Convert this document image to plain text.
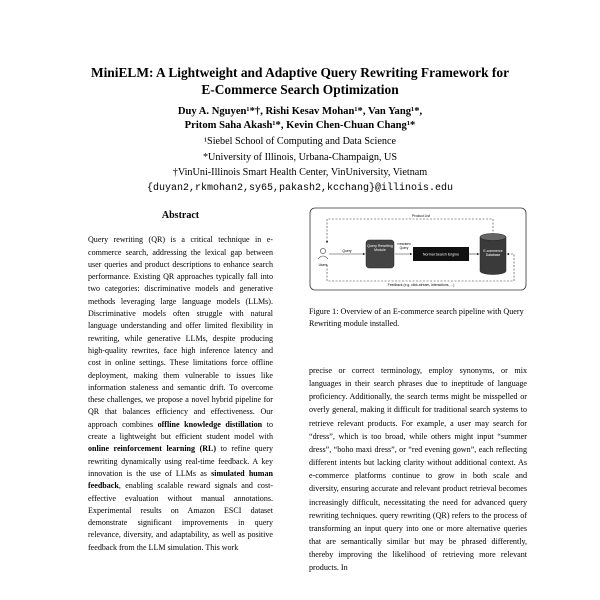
MiniELM: A Lightweight and Adaptive Query Rewriting Framework for
E-Commerce Search Optimization
Duy A. Nguyen¹*†, Rishi Kesav Mohan¹*, Van Yang¹*,
Pritom Saha Akash¹*, Kevin Chen-Chuan Chang¹*
¹Siebel School of Computing and Data Science
*University of Illinois, Urbana-Champaign, US
†VinUni-Illinois Smart Health Center, VinUniversity, Vietnam
{duyan2,rkmohan2,sy65,pakash2,kcchang}@illinois.edu
Abstract
Query rewriting (QR) is a critical technique in e-commerce search, addressing the lexical gap between user queries and product descriptions to enhance search performance. Existing QR approaches typically fall into two categories: discriminative models and generative methods leveraging large language models (LLMs). Discriminative models often struggle with natural language understanding and offer limited flexibility in rewriting, while generative LLMs, despite producing high-quality rewrites, face high inference latency and cost in online settings. These limitations force offline deployment, making them vulnerable to issues like information staleness and semantic drift. To overcome these challenges, we propose a novel hybrid pipeline for QR that balances efficiency and effectiveness. Our approach combines offline knowledge distillation to create a lightweight but efficient student model with online reinforcement learning (RL) to refine query rewriting dynamically using real-time feedback. A key innovation is the use of LLMs as simulated human feedback, enabling scalable reward signals and cost-effective evaluation without manual annotations. Experimental results on Amazon ESCI dataset demonstrate significant improvements in query relevance, diversity, and adaptability, as well as positive feedback from the LLM simulation. This work
Product List
Users
Query
Query Rewriting Module
Rewritten Query
Normal Search Engine
E-commerce Database
Feedback (e.g. click-stream, interactions, ...)
Figure 1: Overview of an E-commerce search pipeline with Query Rewriting module installed.
precise or correct terminology, employ synonyms, or mix languages in their search phrases due to ineptitude of language proficiency. Additionally, the search terms might be misspelled or overly general, making it difficult for traditional search systems to retrieve relevant products. For example, a user may search for “dress”, which is too broad, while others might input “summer dress”, “boho maxi dress”, or “red evening gown”, each reflecting different intents but lacking clarity without additional context. As e-commerce platforms continue to grow in both scale and diversity, ensuring accurate and relevant product retrieval becomes increasingly difficult, necessitating the need for advanced query rewriting techniques. query rewriting (QR) refers to the process of transforming an input query into one or more alternative queries that are semantically similar but may be phrased differently, thereby improving the likelihood of retrieving more relevant products. In
